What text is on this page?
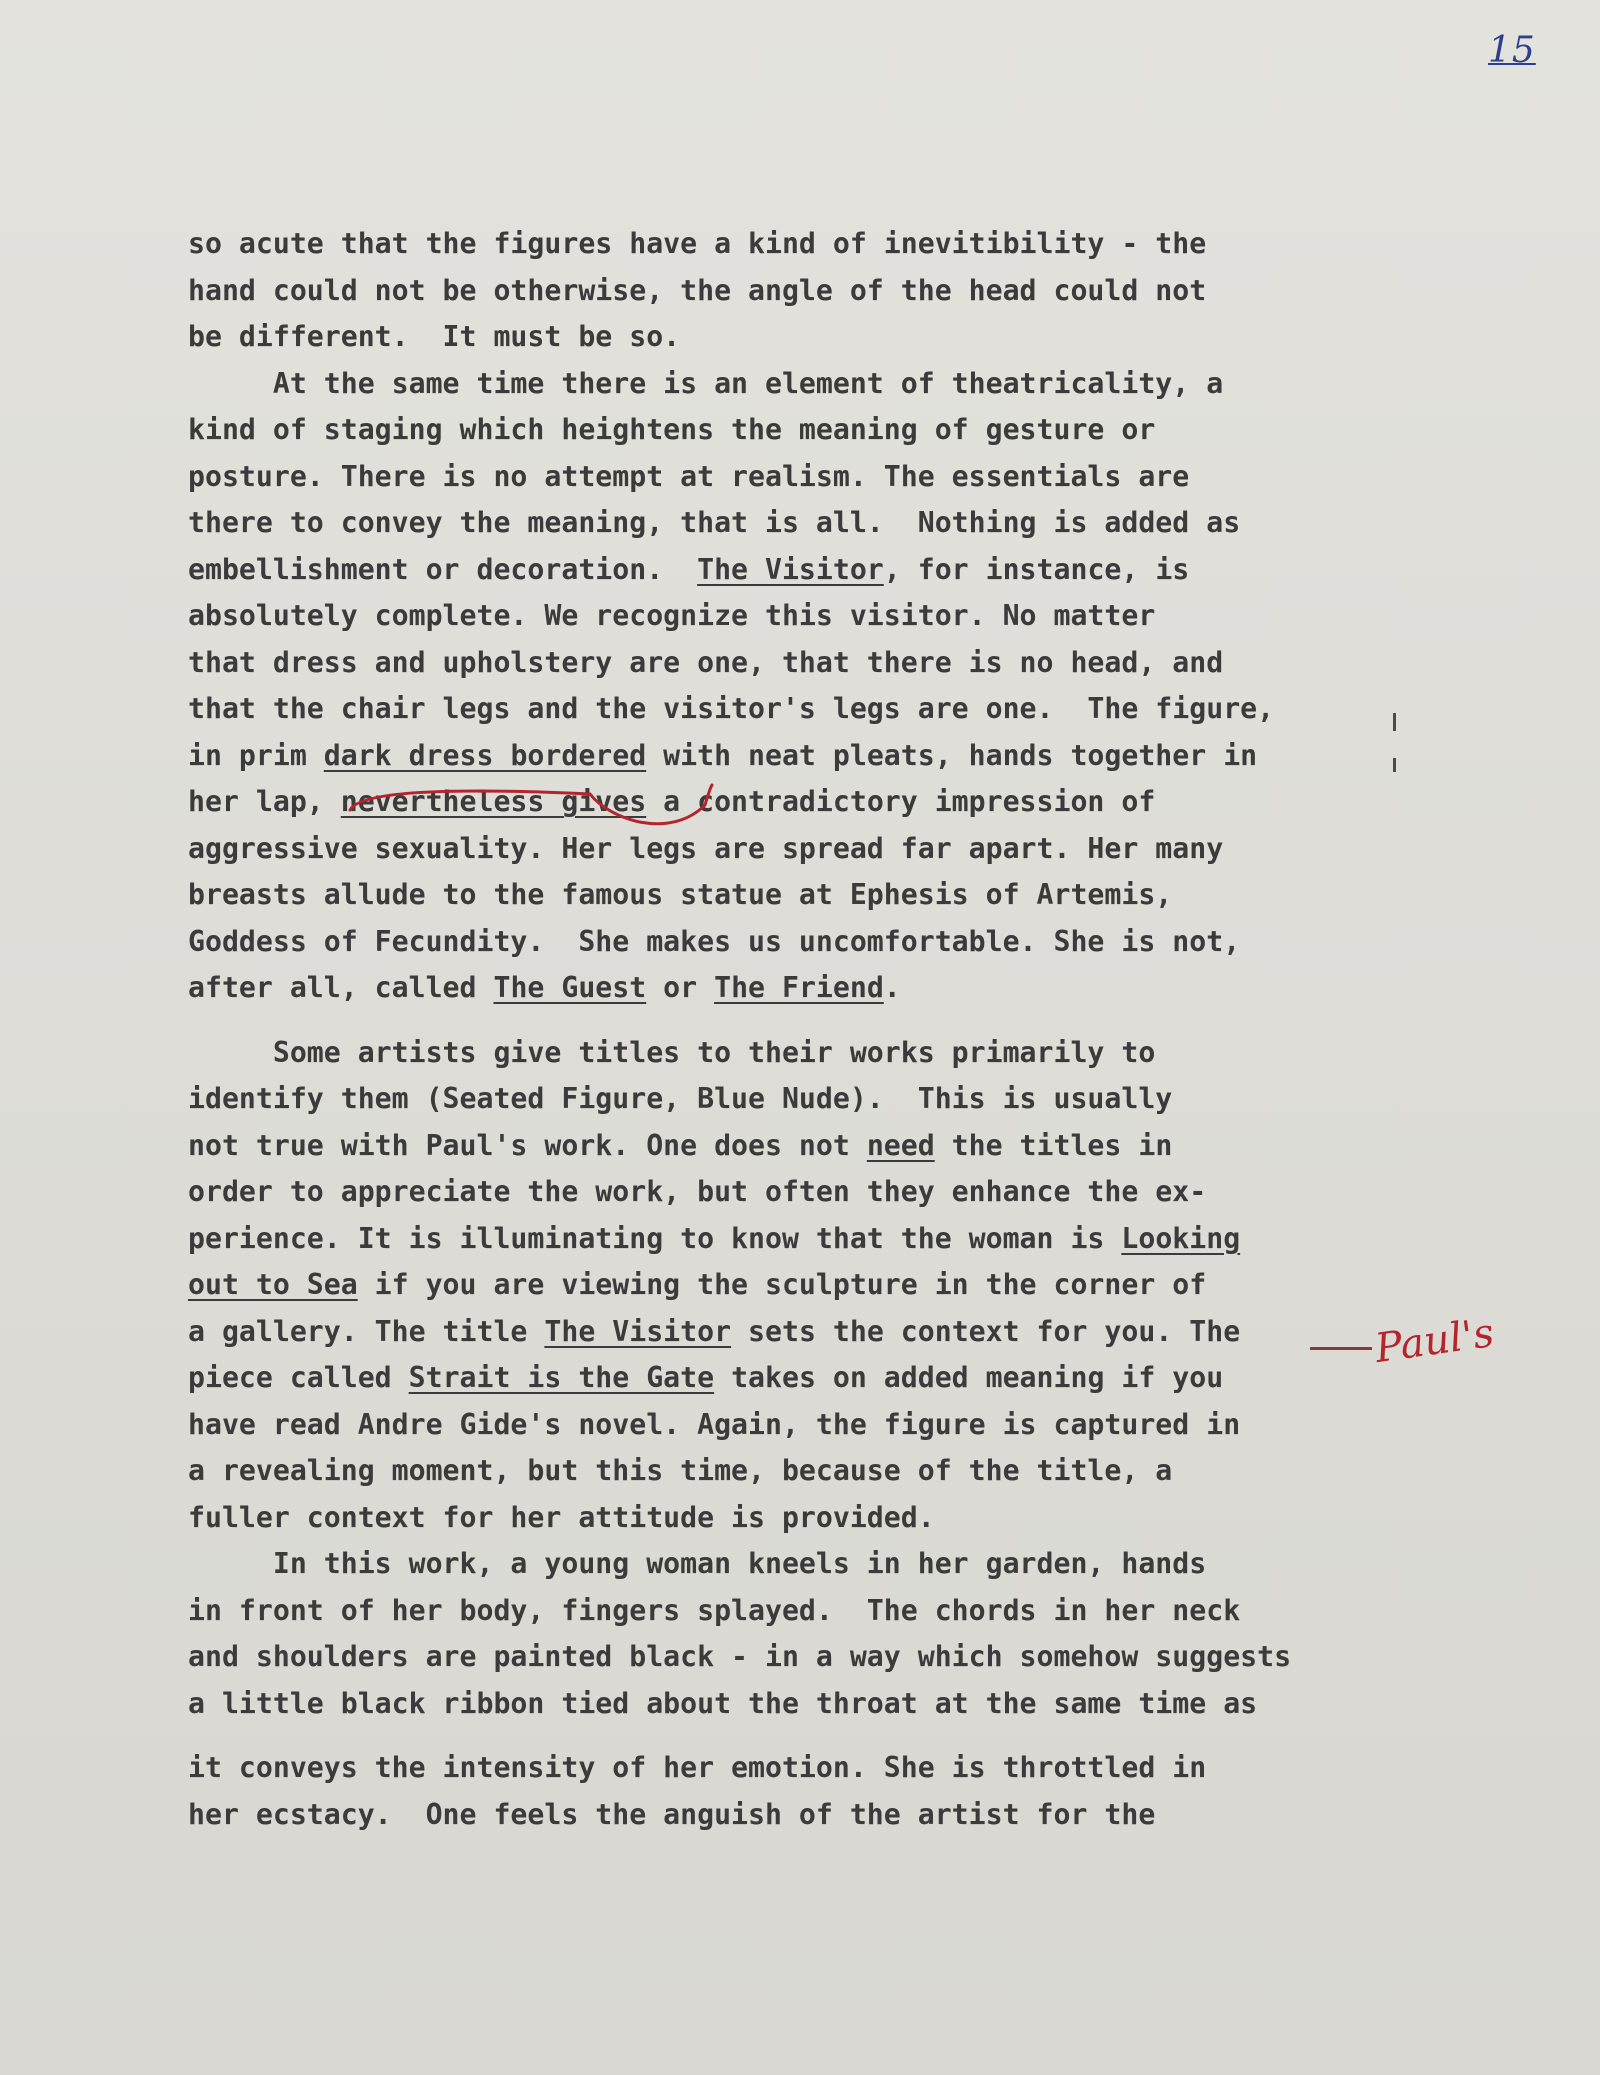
15
so acute that the figures have a kind of inevitibility - the
hand could not be otherwise, the angle of the head could not
be different.  It must be so.
At the same time there is an element of theatricality, a
kind of staging which heightens the meaning of gesture or
posture. There is no attempt at realism. The essentials are
there to convey the meaning, that is all.  Nothing is added as
embellishment or decoration.  The Visitor, for instance, is
absolutely complete. We recognize this visitor. No matter
that dress and upholstery are one, that there is no head, and
that the chair legs and the visitor's legs are one.  The figure,
in prim dark dress bordered with neat pleats, hands together in
her lap, nevertheless gives a contradictory impression of
aggressive sexuality. Her legs are spread far apart. Her many
breasts allude to the famous statue at Ephesis of Artemis,
Goddess of Fecundity.  She makes us uncomfortable. She is not,
after all, called The Guest or The Friend.
Some artists give titles to their works primarily to
identify them (Seated Figure, Blue Nude).  This is usually
not true with Paul's work. One does not need the titles in
order to appreciate the work, but often they enhance the ex-
perience. It is illuminating to know that the woman is Looking
out to Sea if you are viewing the sculpture in the corner of
a gallery. The title The Visitor sets the context for you. The
piece called Strait is the Gate takes on added meaning if you
have read Andre Gide's novel. Again, the figure is captured in
a revealing moment, but this time, because of the title, a
fuller context for her attitude is provided.
In this work, a young woman kneels in her garden, hands
in front of her body, fingers splayed.  The chords in her neck
and shoulders are painted black - in a way which somehow suggests
a little black ribbon tied about the throat at the same time as
it conveys the intensity of her emotion. She is throttled in
her ecstacy.  One feels the anguish of the artist for the
Paul's
